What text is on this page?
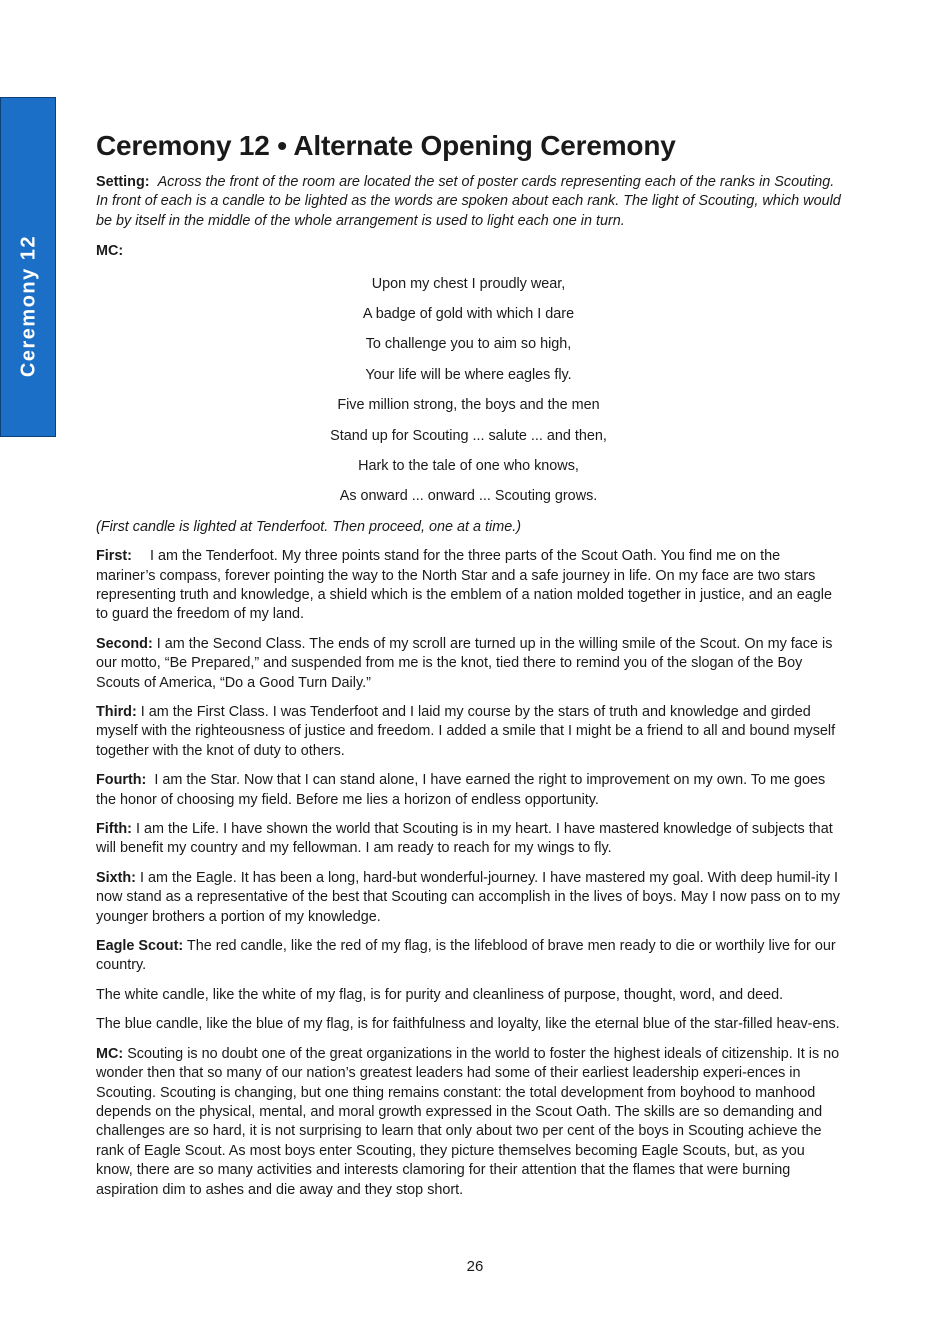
Ceremony 12
Ceremony 12 • Alternate Opening Ceremony

Setting: Across the front of the room are located the set of poster cards representing each of the ranks in Scouting. In front of each is a candle to be lighted as the words are spoken about each rank. The light of Scouting, which would be by itself in the middle of the whole arrangement is used to light each one in turn.

MC:

Upon my chest I proudly wear,
A badge of gold with which I dare
To challenge you to aim so high,
Your life will be where eagles fly.
Five million strong, the boys and the men
Stand up for Scouting ... salute ... and then,
Hark to the tale of one who knows,
As onward ... onward ... Scouting grows.

(First candle is lighted at Tenderfoot. Then proceed, one at a time.)

First: I am the Tenderfoot. My three points stand for the three parts of the Scout Oath. You find me on the mariner’s compass, forever pointing the way to the North Star and a safe journey in life. On my face are two stars representing truth and knowledge, a shield which is the emblem of a nation molded together in justice, and an eagle to guard the freedom of my land.

Second: I am the Second Class. The ends of my scroll are turned up in the willing smile of the Scout. On my face is our motto, “Be Prepared,” and suspended from me is the knot, tied there to remind you of the slogan of the Boy Scouts of America, “Do a Good Turn Daily.”

Third: I am the First Class. I was Tenderfoot and I laid my course by the stars of truth and knowledge and girded myself with the righteousness of justice and freedom. I added a smile that I might be a friend to all and bound myself together with the knot of duty to others.

Fourth: I am the Star. Now that I can stand alone, I have earned the right to improvement on my own. To me goes the honor of choosing my field. Before me lies a horizon of endless opportunity.

Fifth: I am the Life. I have shown the world that Scouting is in my heart. I have mastered knowledge of subjects that will benefit my country and my fellowman. I am ready to reach for my wings to fly.

Sixth: I am the Eagle. It has been a long, hard-but wonderful-journey. I have mastered my goal. With deep humil-ity I now stand as a representative of the best that Scouting can accomplish in the lives of boys. May I now pass on to my younger brothers a portion of my knowledge.

Eagle Scout: The red candle, like the red of my flag, is the lifeblood of brave men ready to die or worthily live for our country.

The white candle, like the white of my flag, is for purity and cleanliness of purpose, thought, word, and deed.

The blue candle, like the blue of my flag, is for faithfulness and loyalty, like the eternal blue of the star-filled heav-ens.

MC: Scouting is no doubt one of the great organizations in the world to foster the highest ideals of citizenship. It is no wonder then that so many of our nation’s greatest leaders had some of their earliest leadership experi-ences in Scouting. Scouting is changing, but one thing remains constant: the total development from boyhood to manhood depends on the physical, mental, and moral growth expressed in the Scout Oath. The skills are so demanding and challenges are so hard, it is not surprising to learn that only about two per cent of the boys in Scouting achieve the rank of Eagle Scout. As most boys enter Scouting, they picture themselves becoming Eagle Scouts, but, as you know, there are so many activities and interests clamoring for their attention that the flames that were burning aspiration dim to ashes and die away and they stop short.

26
